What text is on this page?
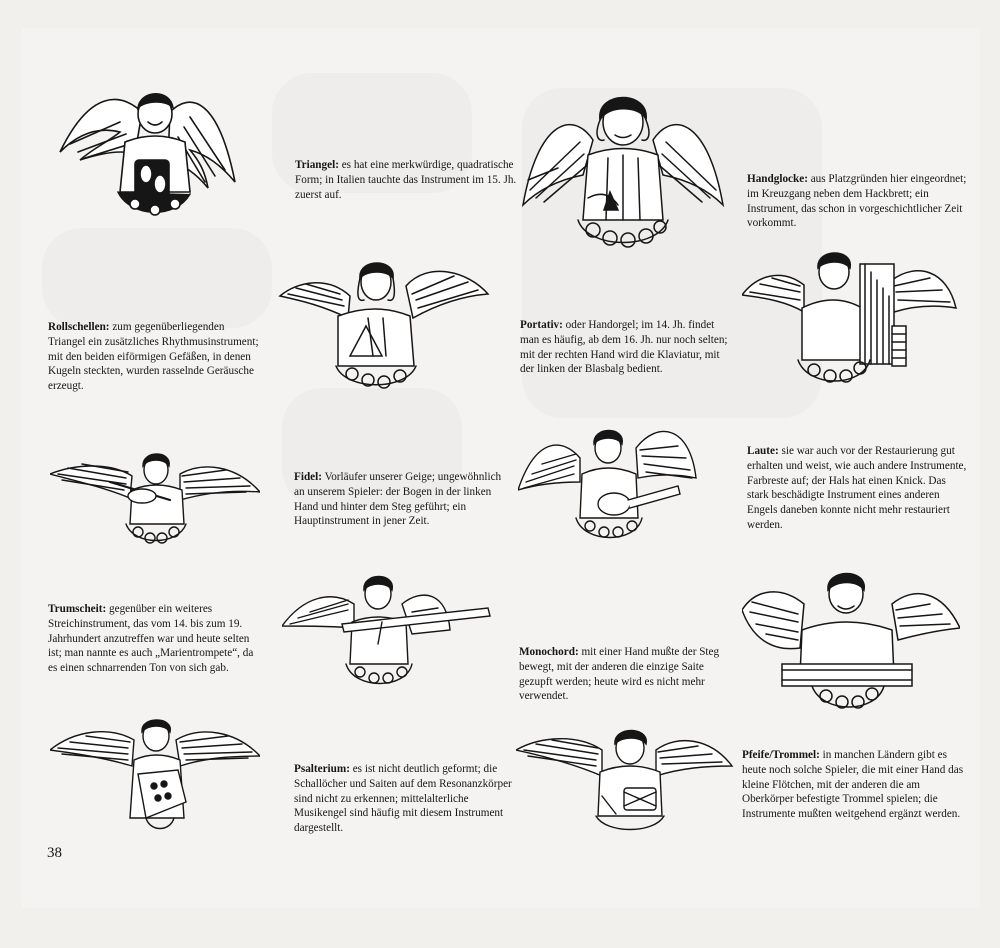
Triangel: es hat eine merkwürdige, quadratische Form; in Italien tauchte das Instrument im 15. Jh. zuerst auf.

Handglocke: aus Platzgründen hier eingeordnet; im Kreuzgang neben dem Hackbrett; ein Instrument, das schon in vorgeschichtlicher Zeit vorkommt.

Rollschellen: zum gegenüberliegenden Triangel ein zusätzliches Rhythmusinstrument; mit den beiden eiförmigen Gefäßen, in denen Kugeln steckten, wurden rasselnde Geräusche erzeugt.

Portativ: oder Handorgel; im 14. Jh. findet man es häufig, ab dem 16. Jh. nur noch selten; mit der rechten Hand wird die Klaviatur, mit der linken der Blasbalg bedient.

Fidel: Vorläufer unserer Geige; ungewöhnlich an unserem Spieler: der Bogen in der linken Hand und hinter dem Steg geführt; ein Hauptinstrument in jener Zeit.

Laute: sie war auch vor der Restaurierung gut erhalten und weist, wie auch andere Instrumente, Farbreste auf; der Hals hat einen Knick. Das stark beschädigte Instrument eines anderen Engels daneben konnte nicht mehr restauriert werden.

Trumscheit: gegenüber ein weiteres Streichinstrument, das vom 14. bis zum 19. Jahrhundert anzutreffen war und heute selten ist; man nannte es auch „Marientrompete“, da es einen schnarrenden Ton von sich gab.

Monochord: mit einer Hand mußte der Steg bewegt, mit der anderen die einzige Saite gezupft werden; heute wird es nicht mehr verwendet.

Psalterium: es ist nicht deutlich geformt; die Schallöcher und Saiten auf dem Resonanzkörper sind nicht zu erkennen; mittelalterliche Musikengel sind häufig mit diesem Instrument dargestellt.

Pfeife/Trommel: in manchen Ländern gibt es heute noch solche Spieler, die mit einer Hand das kleine Flötchen, mit der anderen die am Oberkörper befestigte Trommel spielen; die Instrumente mußten weitgehend ergänzt werden.

38
